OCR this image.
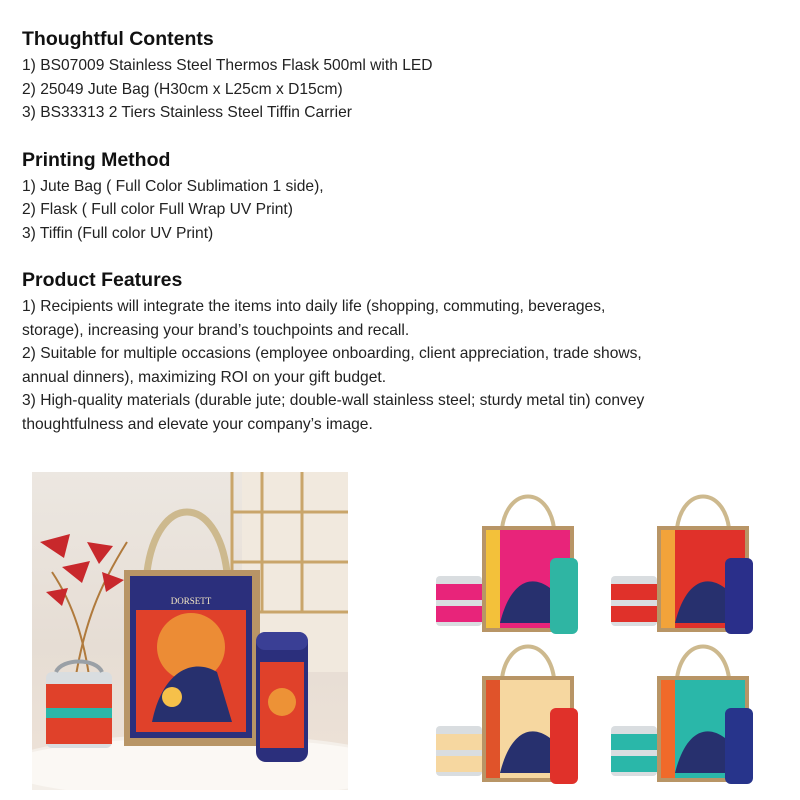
Thoughtful Contents

1) BS07009 Stainless Steel Thermos Flask 500ml with LED

2) 25049 Jute Bag (H30cm x L25cm x D15cm)

3) BS33313 2 Tiers Stainless Steel Tiffin Carrier

Printing Method

1) Jute Bag ( Full Color Sublimation 1 side),

2) Flask ( Full color Full Wrap UV Print)

3) Tiffin (Full color UV Print)

Product Features

1) Recipients will integrate the items into daily life (shopping, commuting, beverages,

storage), increasing your brand’s touchpoints and recall.

2) Suitable for multiple occasions (employee onboarding, client appreciation, trade shows,

annual dinners), maximizing ROI on your gift budget.

3) High-quality materials (durable jute; double-wall stainless steel; sturdy metal tin) convey

thoughtfulness and elevate your company’s image.

DORSETT
